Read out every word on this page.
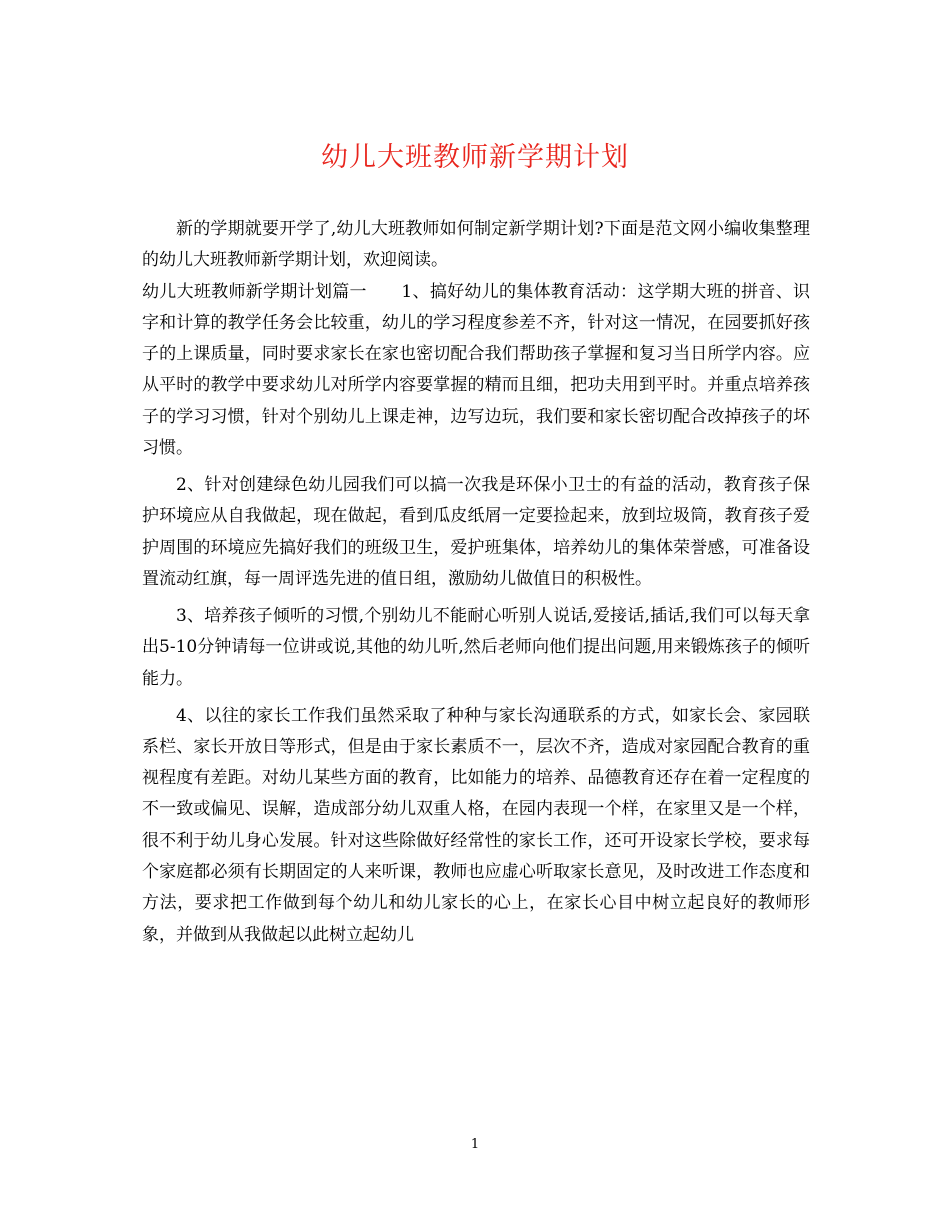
幼儿大班教师新学期计划

新的学期就要开学了,幼儿大班教师如何制定新学期计划?下面是范文网小编收集整理的幼儿大班教师新学期计划，欢迎阅读。

幼儿大班教师新学期计划篇一　　1、搞好幼儿的集体教育活动：这学期大班的拼音、识字和计算的教学任务会比较重，幼儿的学习程度参差不齐，针对这一情况，在园要抓好孩子的上课质量，同时要求家长在家也密切配合我们帮助孩子掌握和复习当日所学内容。应从平时的教学中要求幼儿对所学内容要掌握的精而且细，把功夫用到平时。并重点培养孩子的学习习惯，针对个别幼儿上课走神，边写边玩，我们要和家长密切配合改掉孩子的坏习惯。

2、针对创建绿色幼儿园我们可以搞一次我是环保小卫士的有益的活动，教育孩子保护环境应从自我做起，现在做起，看到瓜皮纸屑一定要捡起来，放到垃圾筒，教育孩子爱护周围的环境应先搞好我们的班级卫生，爱护班集体，培养幼儿的集体荣誉感，可准备设置流动红旗，每一周评选先进的值日组，激励幼儿做值日的积极性。

3、培养孩子倾听的习惯,个别幼儿不能耐心听别人说话,爱接话,插话,我们可以每天拿出5-10分钟请每一位讲或说,其他的幼儿听,然后老师向他们提出问题,用来锻炼孩子的倾听能力。

4、以往的家长工作我们虽然采取了种种与家长沟通联系的方式，如家长会、家园联系栏、家长开放日等形式，但是由于家长素质不一，层次不齐，造成对家园配合教育的重视程度有差距。对幼儿某些方面的教育，比如能力的培养、品德教育还存在着一定程度的不一致或偏见、误解，造成部分幼儿双重人格，在园内表现一个样，在家里又是一个样，很不利于幼儿身心发展。针对这些除做好经常性的家长工作，还可开设家长学校，要求每个家庭都必须有长期固定的人来听课，教师也应虚心听取家长意见，及时改进工作态度和方法，要求把工作做到每个幼儿和幼儿家长的心上，在家长心目中树立起良好的教师形象，并做到从我做起以此树立起幼儿

1
